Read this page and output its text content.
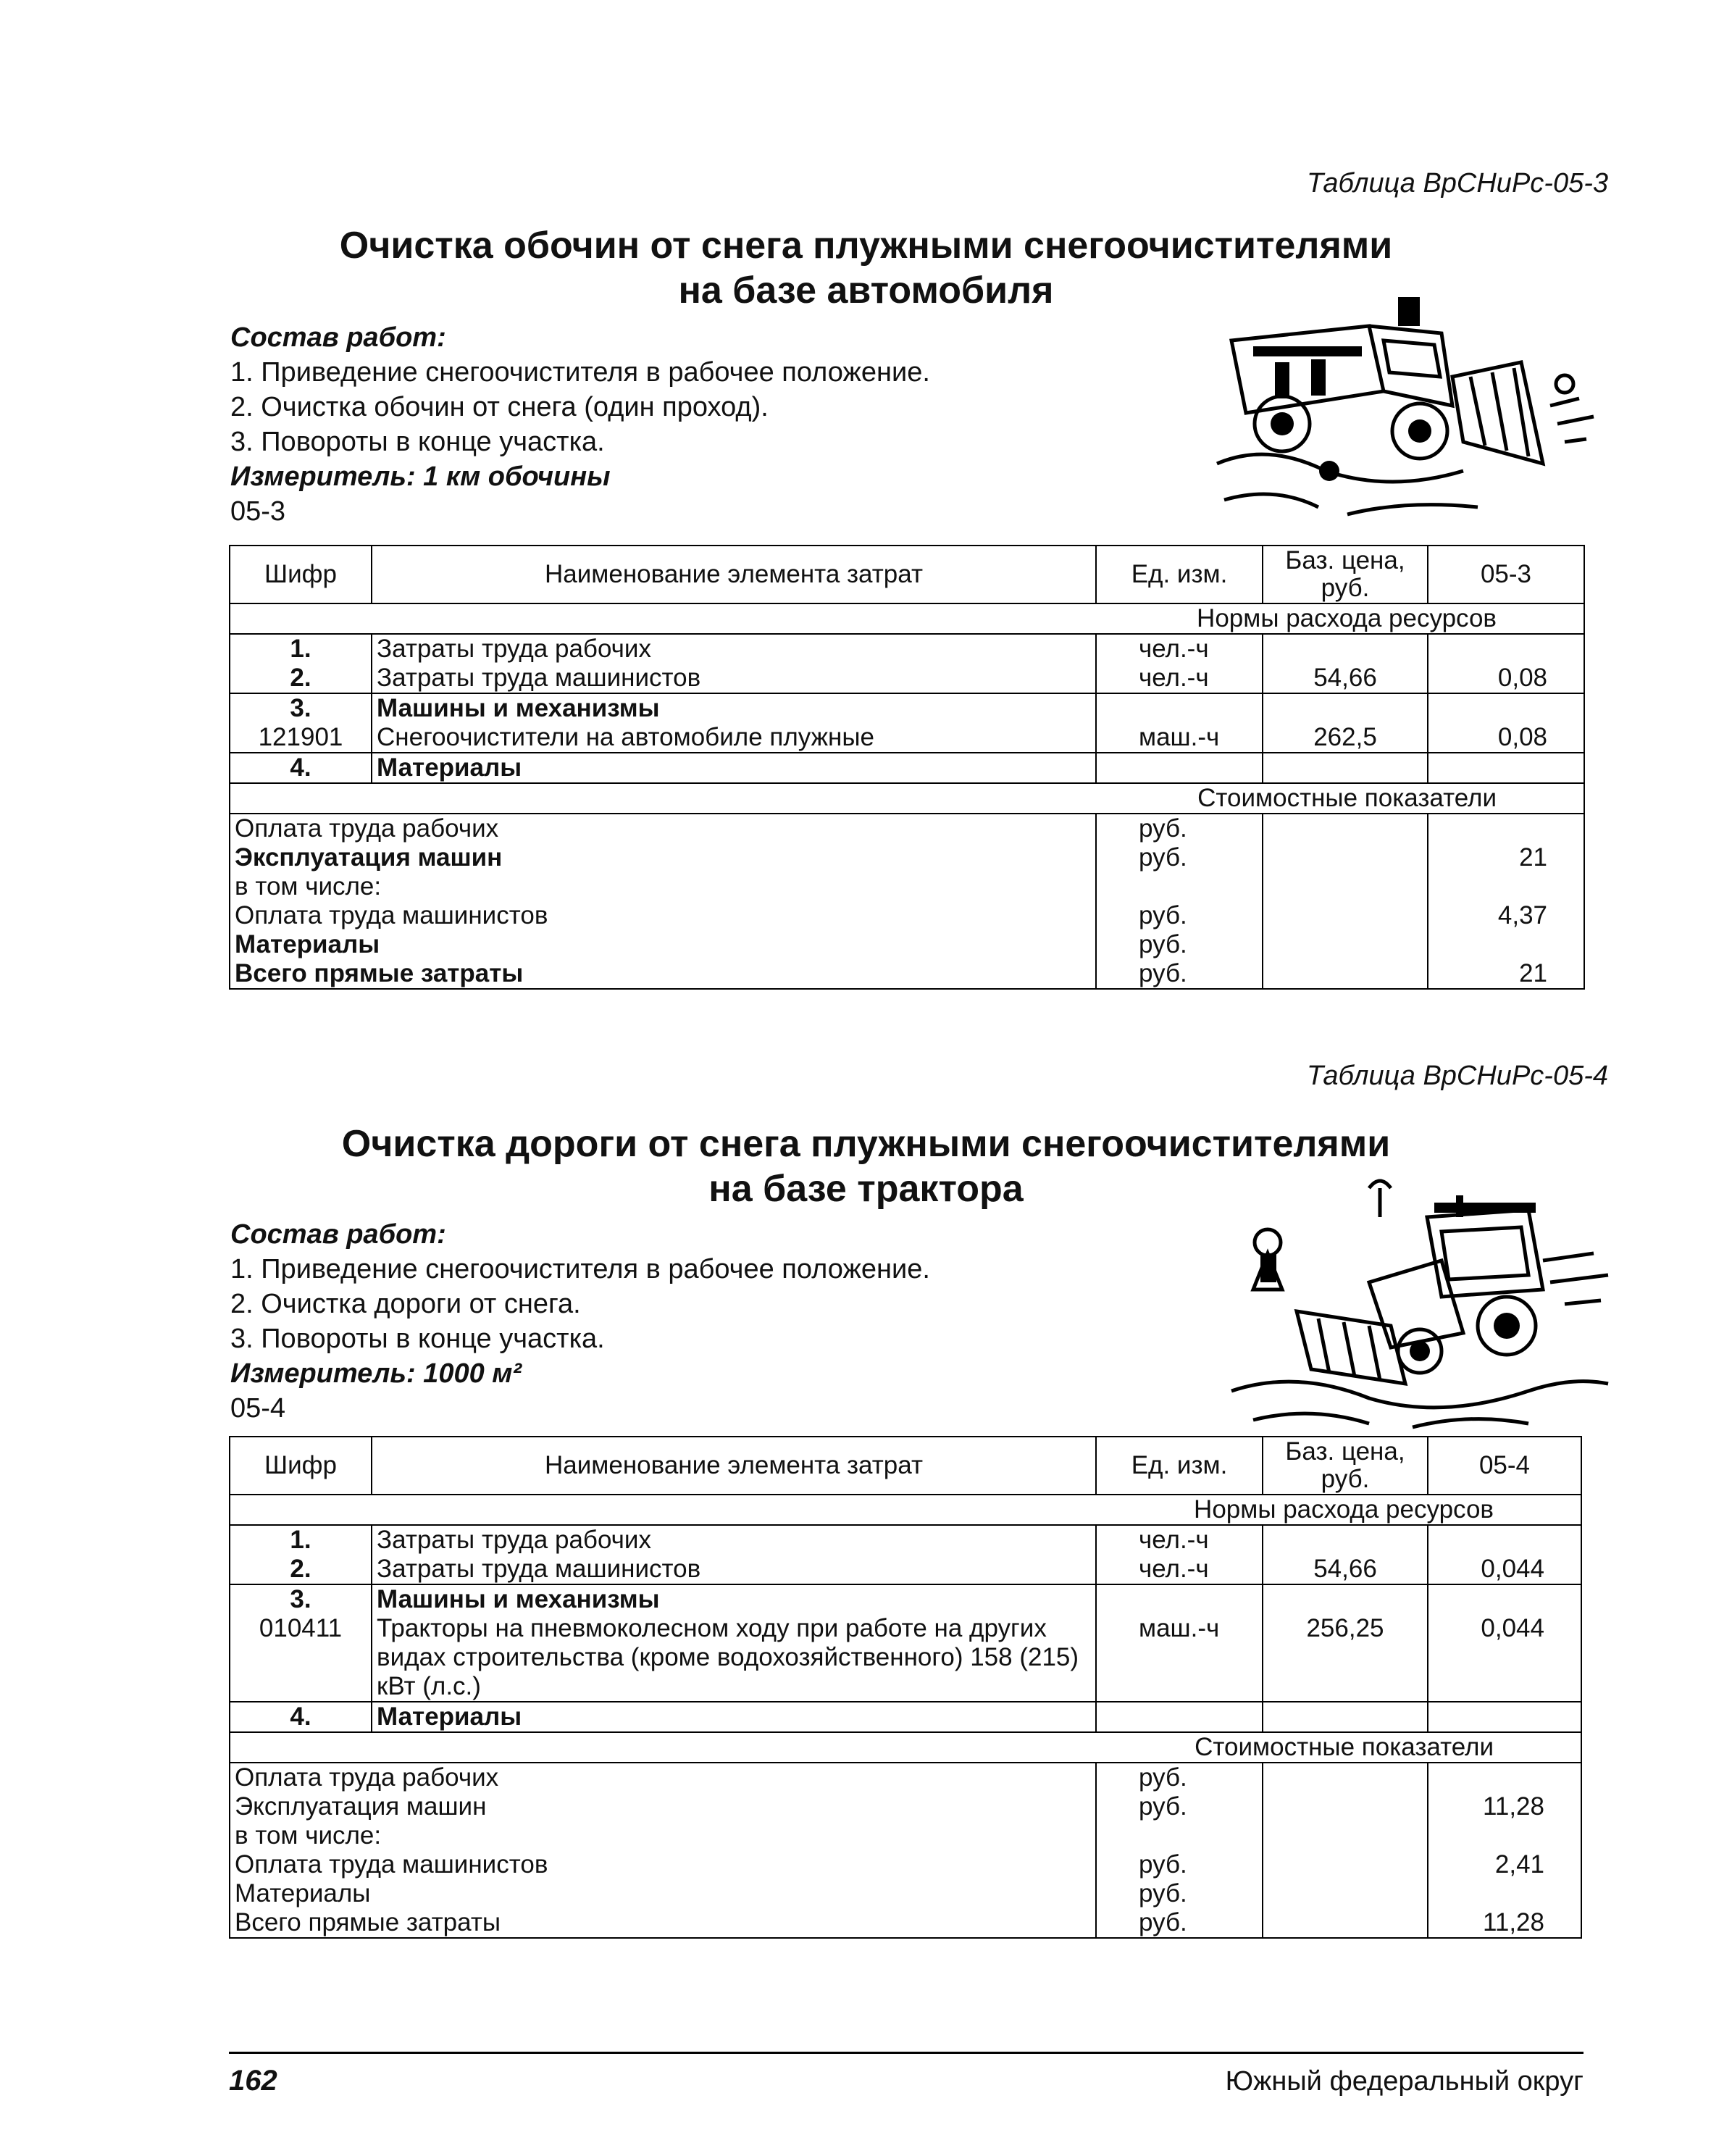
Таблица ВрСНиРс-05-3
Очистка обочин от снега плужными снегоочистителями
на базе автомобиля
Состав работ:
1. Приведение снегоочистителя в рабочее положение.
2. Очистка обочин от снега (один проход).
3. Повороты в конце участка.
Измеритель: 1 км обочины
05-3
Шифр	Наименование элемента затрат	Ед. изм.	Баз. цена, руб.	05-3
Нормы расхода ресурсов				
1.	Затраты труда рабочих	чел.-ч		
2.	Затраты труда машинистов	чел.-ч	54,66	0,08
3.	Машины и механизмы			
121901	Снегоочистители на автомобиле плужные	маш.-ч	262,5	0,08
4.	Материалы			
Стоимостные показатели				
Оплата труда рабочих		руб.		
Эксплуатация машин		руб.		21
в том числе:				
Оплата труда машинистов		руб.		4,37
Материалы		руб.		
Всего прямые затраты		руб.		21
Таблица ВрСНиРс-05-4
Очистка дороги от снега плужными снегоочистителями
на базе трактора
Состав работ:
1. Приведение снегоочистителя в рабочее положение.
2. Очистка дороги от снега.
3. Повороты в конце участка.
Измеритель: 1000 м²
05-4
Шифр	Наименование элемента затрат	Ед. изм.	Баз. цена, руб.	05-4
Нормы расхода ресурсов				
1.	Затраты труда рабочих	чел.-ч		
2.	Затраты труда машинистов	чел.-ч	54,66	0,044
3.	Машины и механизмы			
010411	Тракторы на пневмоколесном ходу при работе на других видах строительства (кроме водохозяйственного) 158 (215) кВт (л.с.)	маш.-ч	256,25	0,044
4.	Материалы			
Стоимостные показатели				
Оплата труда рабочих		руб.		
Эксплуатация машин		руб.		11,28
в том числе:				
Оплата труда машинистов		руб.		2,41
Материалы		руб.		
Всего прямые затраты		руб.		11,28
162	Южный федеральный округ
